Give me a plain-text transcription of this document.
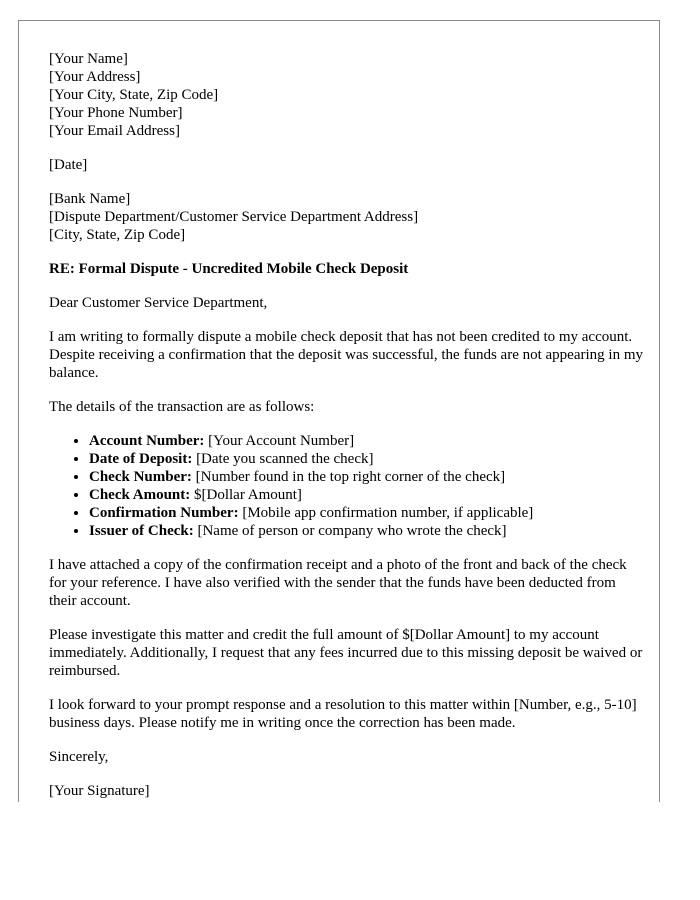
[Your Name]
[Your Address]
[Your City, State, Zip Code]
[Your Phone Number]
[Your Email Address]
[Date]
[Bank Name]
[Dispute Department/Customer Service Department Address]
[City, State, Zip Code]
RE: Formal Dispute - Uncredited Mobile Check Deposit

Dear Customer Service Department,

I am writing to formally dispute a mobile check deposit that has not been credited to my account. Despite receiving a confirmation that the deposit was successful, the funds are not appearing in my balance.

The details of the transaction are as follows:

• Account Number: [Your Account Number]
• Date of Deposit: [Date you scanned the check]
• Check Number: [Number found in the top right corner of the check]
• Check Amount: $[Dollar Amount]
• Confirmation Number: [Mobile app confirmation number, if applicable]
• Issuer of Check: [Name of person or company who wrote the check]

I have attached a copy of the confirmation receipt and a photo of the front and back of the check for your reference. I have also verified with the sender that the funds have been deducted from their account.

Please investigate this matter and credit the full amount of $[Dollar Amount] to my account immediately. Additionally, I request that any fees incurred due to this missing deposit be waived or reimbursed.

I look forward to your prompt response and a resolution to this matter within [Number, e.g., 5-10] business days. Please notify me in writing once the correction has been made.

Sincerely,

[Your Signature]
